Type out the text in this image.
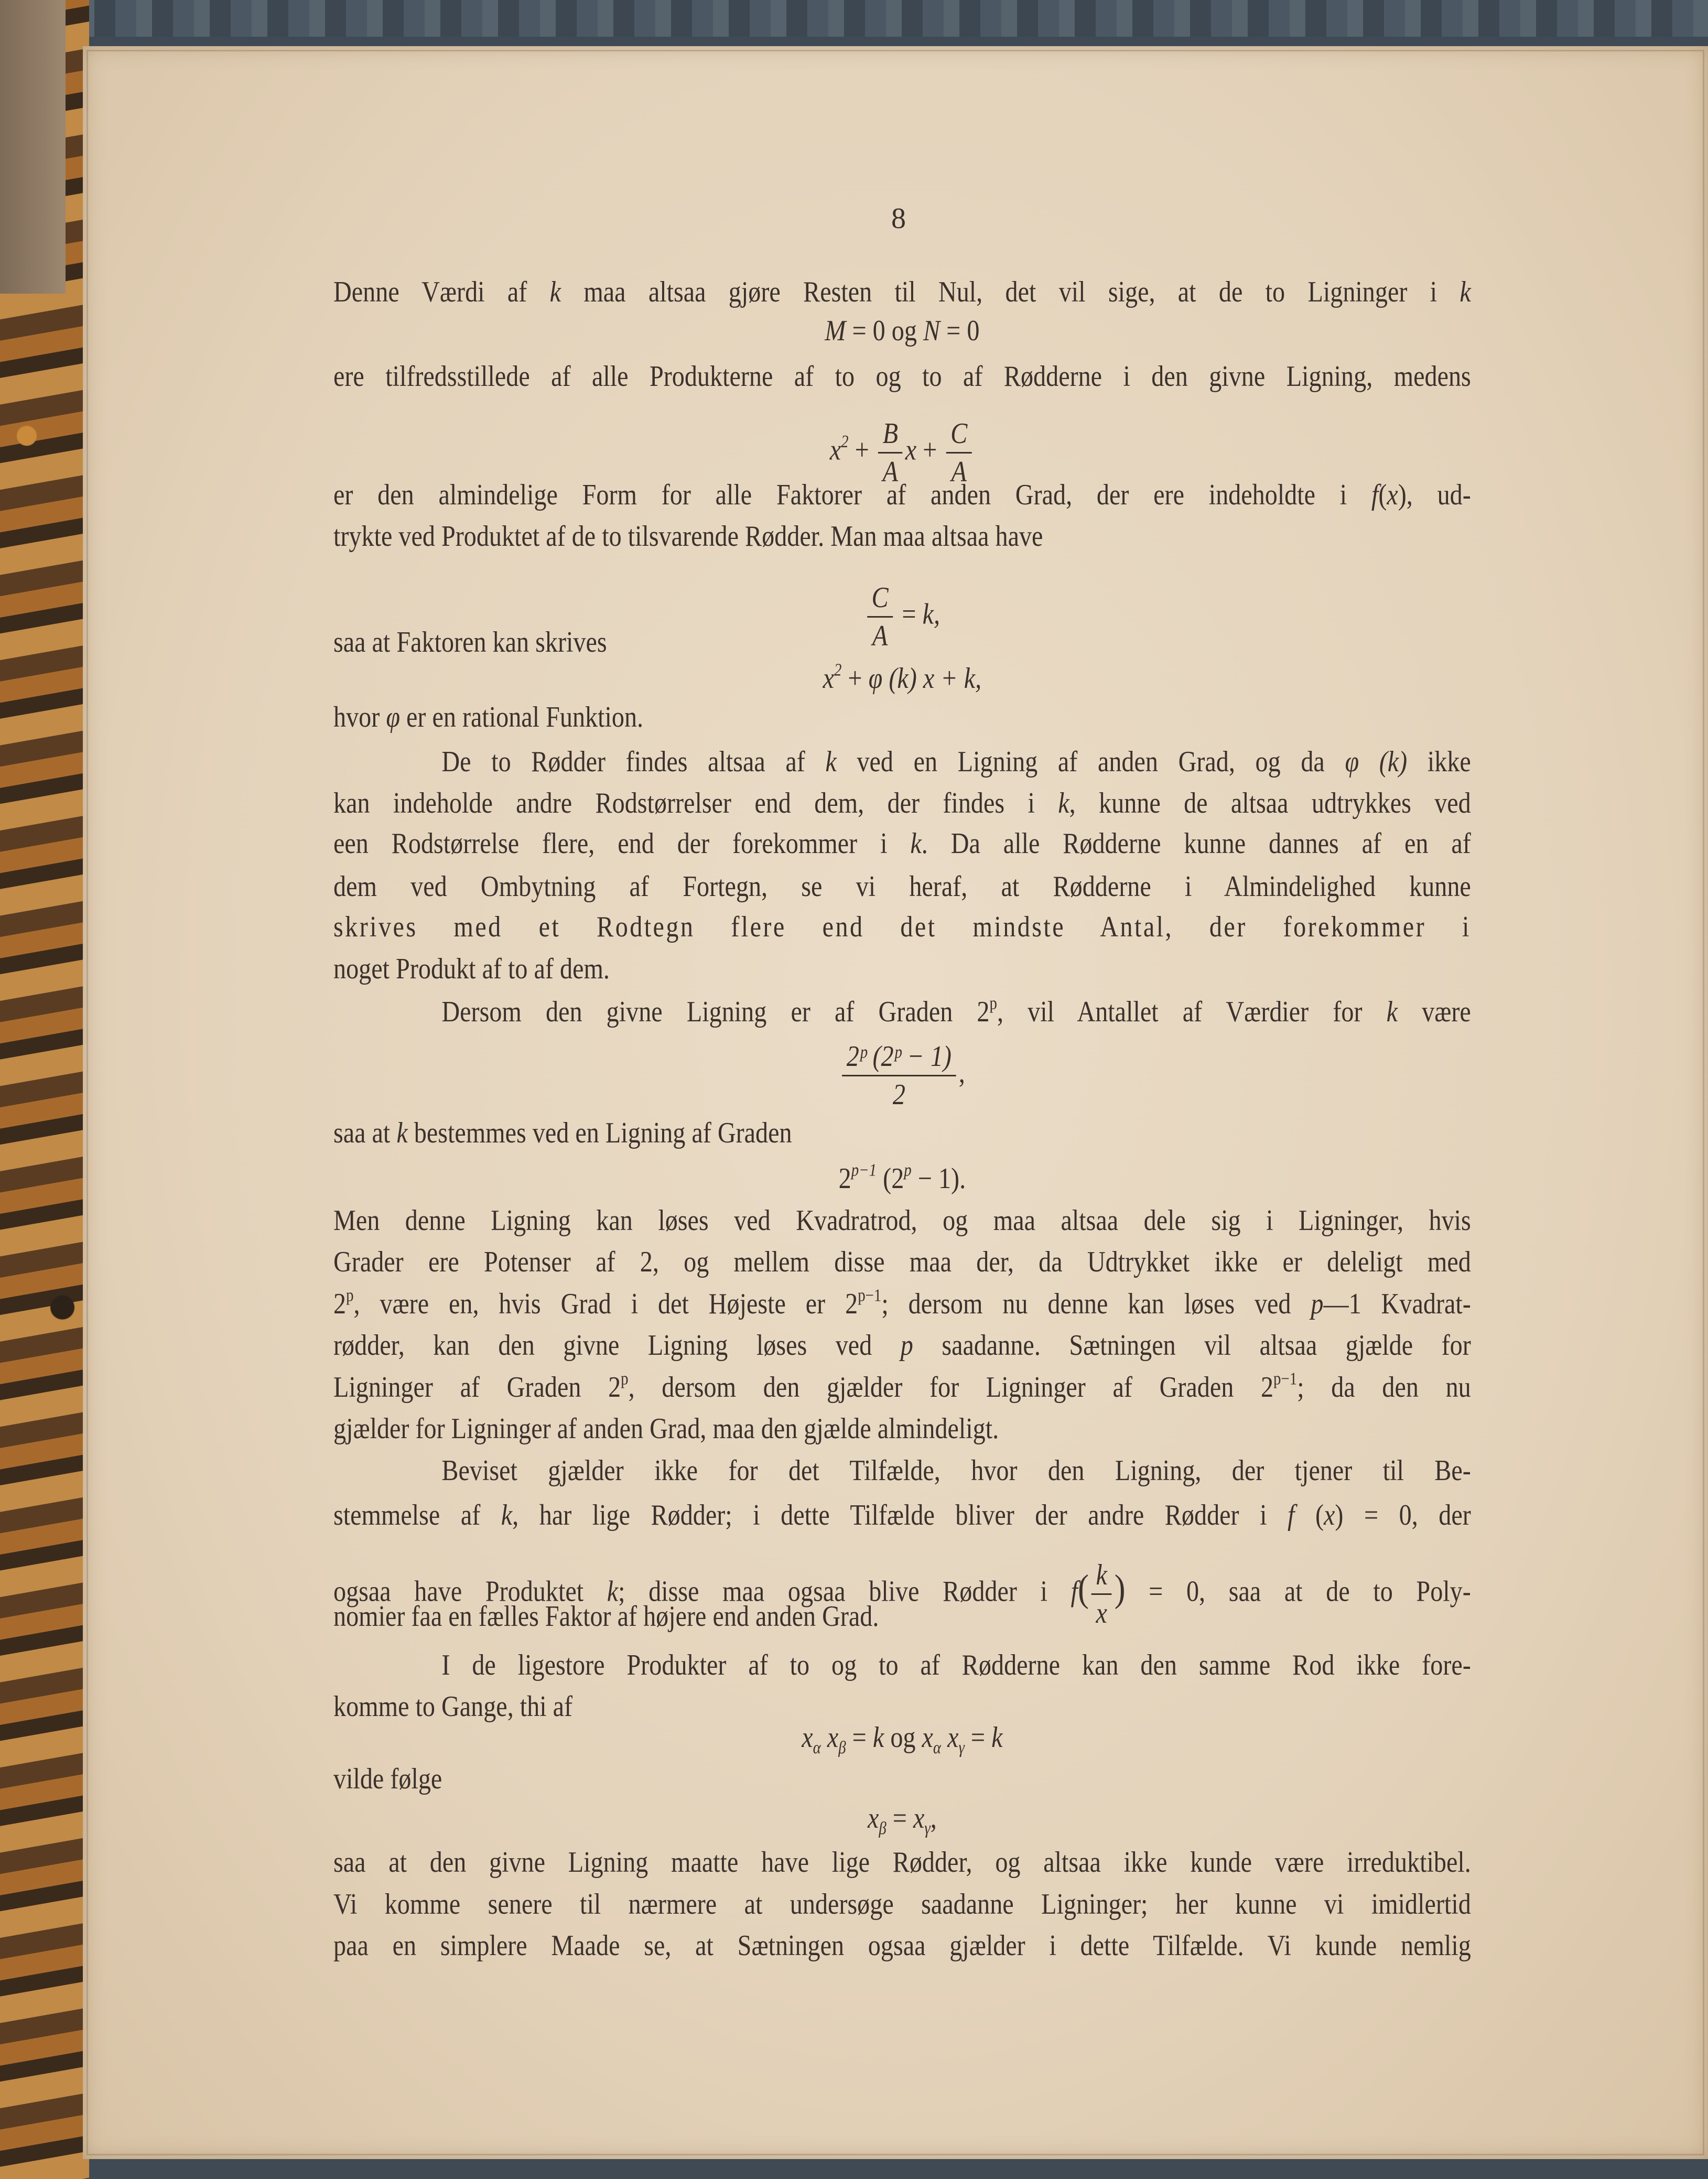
8
Denne Værdi af k maa altsaa gjøre Resten til Nul, det vil sige, at de to Ligninger i k
M = 0 og N = 0
ere tilfredsstillede af alle Produkterne af to og to af Rødderne i den givne Ligning, medens
$x^2 + \frac{B}{A}$ $x + \frac{C}{A}$
er den almindelige Form for alle Faktorer af anden Grad, der ere indeholdte i f(x), ud-
trykte ved Produktet af de to tilsvarende Rødder. Man maa altsaa have
$\frac{C}{A} = k$,
saa at Faktoren kan skrives
$x^2 + \varphi$ (k) x + k,
hvor φ er en rational Funktion.
De to Rødder findes altsaa af k ved en Ligning af anden Grad, og da φ (k) ikke
kan indeholde andre Rodstørrelser end dem, der findes i k, kunne de altsaa udtrykkes ved
een Rodstørrelse flere, end der forekommer i k. Da alle Rødderne kunne dannes af en af
dem ved Ombytning af Fortegn, se vi heraf, at Rødderne i Almindelighed kunne
skrives med et Rodtegn flere end det mindste Antal, der forekommer i
noget Produkt af to af dem.
Dersom den givne Ligning er af Graden 2$^p$, vil Antallet af Værdier for k være
$\frac{\text{2ᵖ (2ᵖ − 1)}}{2}$ ,
saa at k bestemmes ved en Ligning af Graden
$2^{p-1}$ $(2^p - 1)$.
Men denne Ligning kan løses ved Kvadratrod, og maa altsaa dele sig i Ligninger, hvis
Grader ere Potenser af 2, og mellem disse maa der, da Udtrykket ikke er deleligt med
2$^p$, være en, hvis Grad i det Højeste er $2^{p-1}$; dersom nu denne kan løses ved p—1 Kvadrat-
rødder, kan den givne Ligning løses ved p saadanne. Sætningen vil altsaa gjælde for
Ligninger af Graden 2$^p$, dersom den gjælder for Ligninger af Graden $2^{p-1}$; da den nu
gjælder for Ligninger af anden Grad, maa den gjælde almindeligt.
Beviset gjælder ikke for det Tilfælde, hvor den Ligning, der tjener til Be-
stemmelse af k, har lige Rødder; i dette Tilfælde bliver der andre Rødder i f (x) = 0, der
ogsaa have Produktet k; disse maa ogsaa blive Rødder i $f( \frac{k}{x}$ ) = 0, saa at de to Poly-
nomier faa en fælles Faktor af højere end anden Grad.
I de ligestore Produkter af to og to af Rødderne kan den samme Rod ikke fore-
komme to Gange, thi af
$x_\alpha$ $x_\beta = k$ og $x_\alpha$ $x_\gamma = k$
vilde følge
$x_\beta = x_\gamma$,
saa at den givne Ligning maatte have lige Rødder, og altsaa ikke kunde være irreduktibel.
Vi komme senere til nærmere at undersøge saadanne Ligninger; her kunne vi imidlertid
paa en simplere Maade se, at Sætningen ogsaa gjælder i dette Tilfælde. Vi kunde nemlig
